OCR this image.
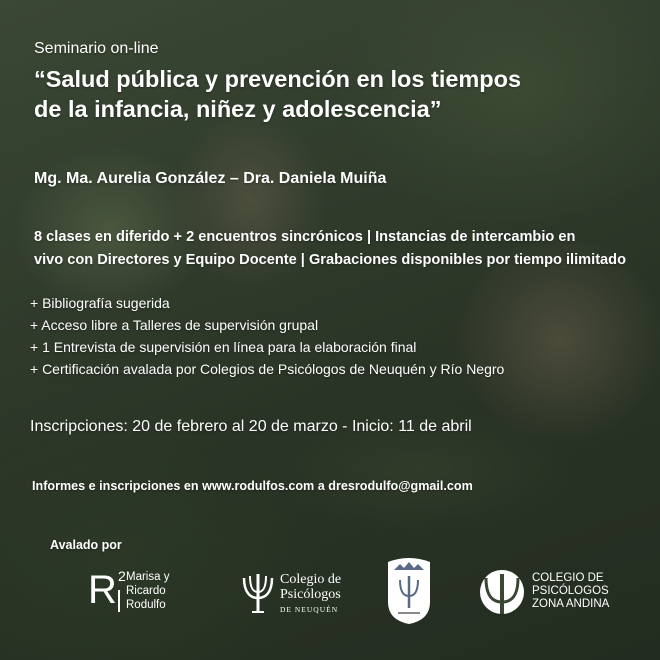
Seminario on-line

“Salud pública y prevención en los tiempos
de la infancia, niñez y adolescencia”

Mg. Ma. Aurelia González – Dra. Daniela Muiña

8 clases en diferido + 2 encuentros sincrónicos | Instancias de intercambio en
vivo con Directores y Equipo Docente | Grabaciones disponibles por tiempo ilimitado

+ Bibliografía sugerida
+ Acceso libre a Talleres de supervisión grupal
+ 1 Entrevista de supervisión en línea para la elaboración final
+ Certificación avalada por Colegios de Psicólogos de Neuquén y Río Negro

Inscripciones: 20 de febrero al 20 de marzo - Inicio: 11 de abril

Informes e inscripciones en www.rodulfos.com a dresrodulfo@gmail.com

Avalado por

R 2 Marisa y
Ricardo
Rodulfo
Colegio de
Psicólogos
DE NEUQUÉN
COLEGIO DE
PSICÓLOGOS
ZONA ANDINA
